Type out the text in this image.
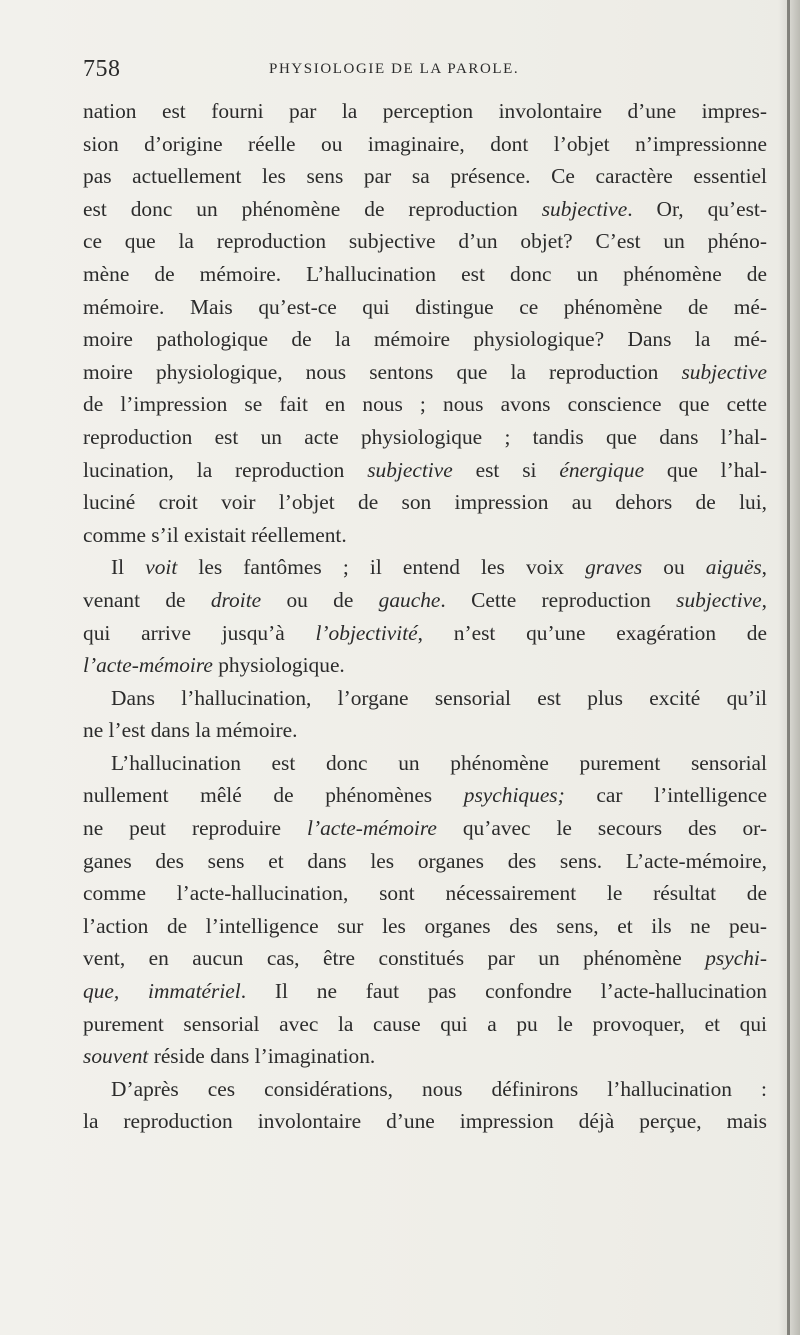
758	PHYSIOLOGIE DE LA PAROLE.
nation est fourni par la perception involontaire d’une impres-
sion d’origine réelle ou imaginaire, dont l’objet n’impressionne
pas actuellement les sens par sa présence. Ce caractère essentiel
est donc un phénomène de reproduction subjective. Or, qu’est-
ce que la reproduction subjective d’un objet? C’est un phéno-
mène de mémoire. L’hallucination est donc un phénomène de
mémoire. Mais qu’est-ce qui distingue ce phénomène de mé-
moire pathologique de la mémoire physiologique? Dans la mé-
moire physiologique, nous sentons que la reproduction subjective
de l’impression se fait en nous ; nous avons conscience que cette
reproduction est un acte physiologique ; tandis que dans l’hal-
lucination, la reproduction subjective est si énergique que l’hal-
luciné croit voir l’objet de son impression au dehors de lui,
comme s’il existait réellement.
Il voit les fantômes ; il entend les voix graves ou aiguës,
venant de droite ou de gauche. Cette reproduction subjective,
qui arrive jusqu’à l’objectivité, n’est qu’une exagération de
l’acte-mémoire physiologique.
Dans l’hallucination, l’organe sensorial est plus excité qu’il
ne l’est dans la mémoire.
L’hallucination est donc un phénomène purement sensorial
nullement mêlé de phénomènes psychiques; car l’intelligence
ne peut reproduire l’acte-mémoire qu’avec le secours des or-
ganes des sens et dans les organes des sens. L’acte-mémoire,
comme l’acte-hallucination, sont nécessairement le résultat de
l’action de l’intelligence sur les organes des sens, et ils ne peu-
vent, en aucun cas, être constitués par un phénomène psychi-
que, immatériel. Il ne faut pas confondre l’acte-hallucination
purement sensorial avec la cause qui a pu le provoquer, et qui
souvent réside dans l’imagination.
D’après ces considérations, nous définirons l’hallucination :
la reproduction involontaire d’une impression déjà perçue, mais
